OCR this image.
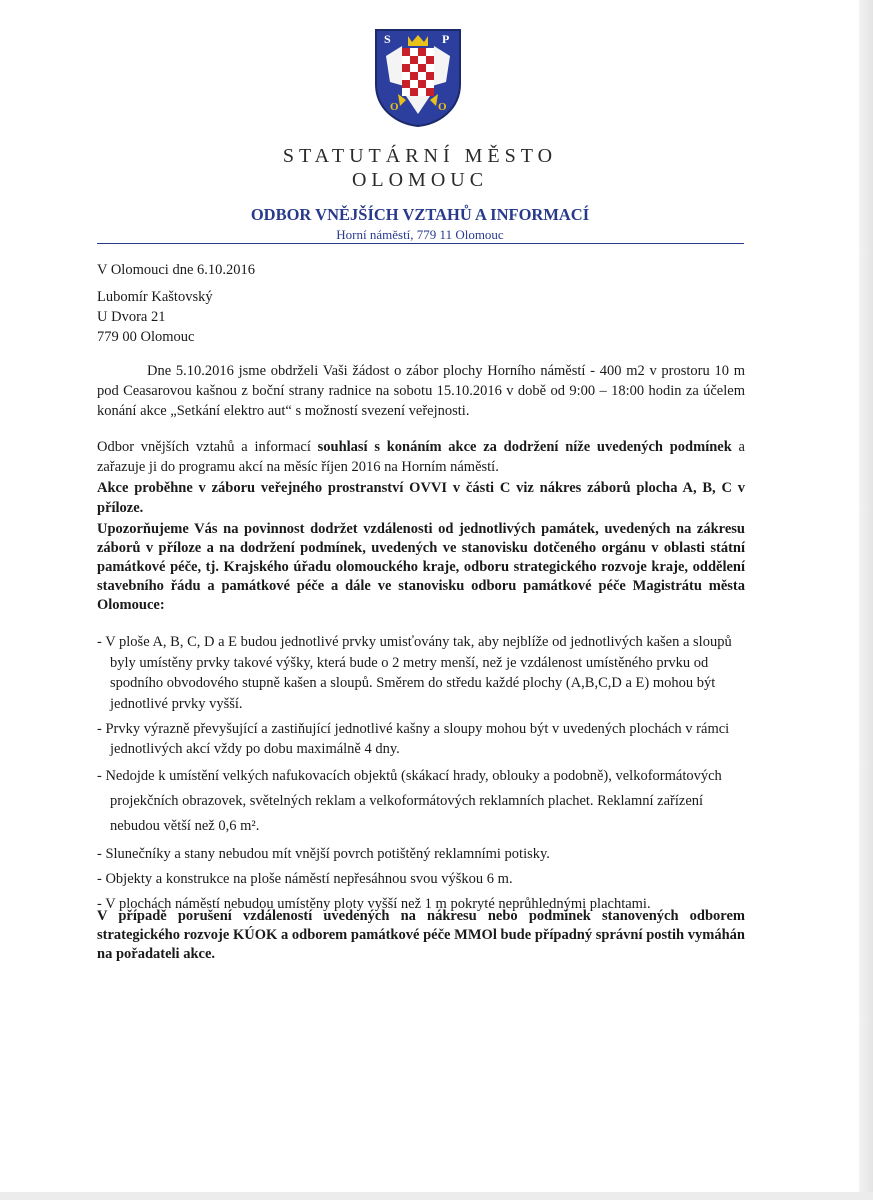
S	P
O	O
STATUTÁRNÍ MĚSTO
OLOMOUC
ODBOR VNĚJŠÍCH VZTAHŮ A INFORMACÍ
Horní náměstí, 779 11 Olomouc
V Olomouci dne 6.10.2016
Lubomír Kaštovský
U Dvora 21
779 00 Olomouc
Dne 5.10.2016 jsme obdrželi Vaši žádost o zábor plochy Horního náměstí - 400 m2 v prostoru 10 m pod Ceasarovou kašnou z boční strany radnice na sobotu 15.10.2016 v době od 9:00 – 18:00 hodin za účelem konání akce „Setkání elektro aut“ s možností svezení veřejnosti.
Odbor vnějších vztahů a informací souhlasí s konáním akce za dodržení níže uvedených podmínek a zařazuje ji do programu akcí na měsíc říjen 2016 na Horním náměstí.
Akce proběhne v záboru veřejného prostranství OVVI v části C viz nákres záborů plocha A, B, C v příloze.
Upozorňujeme Vás na povinnost dodržet vzdálenosti od jednotlivých památek, uvedených na zákresu záborů v příloze a na dodržení podmínek, uvedených ve stanovisku dotčeného orgánu v oblasti státní památkové péče, tj. Krajského úřadu olomouckého kraje, odboru strategického rozvoje kraje, oddělení stavebního řádu a památkové péče a dále ve stanovisku odboru památkové péče Magistrátu města Olomouce:
- V ploše A, B, C, D a E budou jednotlivé prvky umisťovány tak, aby nejblíže od jednotlivých kašen a sloupů byly umístěny prvky takové výšky, která bude o 2 metry menší, než je vzdálenost umístěného prvku od spodního obvodového stupně kašen a sloupů. Směrem do středu každé plochy (A,B,C,D a E) mohou být jednotlivé prvky vyšší.
- Prvky výrazně převyšující a zastiňující jednotlivé kašny a sloupy mohou být v uvedených plochách v rámci jednotlivých akcí vždy po dobu maximálně 4 dny.
- Nedojde k umístění velkých nafukovacích objektů (skákací hrady, oblouky a podobně), velkoformátových projekčních obrazovek, světelných reklam a velkoformátových reklamních plachet. Reklamní zařízení nebudou větší než 0,6 m².
- Slunečníky a stany nebudou mít vnější povrch potištěný reklamními potisky.
- Objekty a konstrukce na ploše náměstí nepřesáhnou svou výškou 6 m.
- V plochách náměstí nebudou umístěny ploty vyšší než 1 m pokryté neprůhlednými plachtami.
V případě porušení vzdáleností uvedených na nákresu nebo podmínek stanovených odborem strategického rozvoje KÚOK a odborem památkové péče MMOl bude případný správní postih vymáhán na pořadateli akce.
